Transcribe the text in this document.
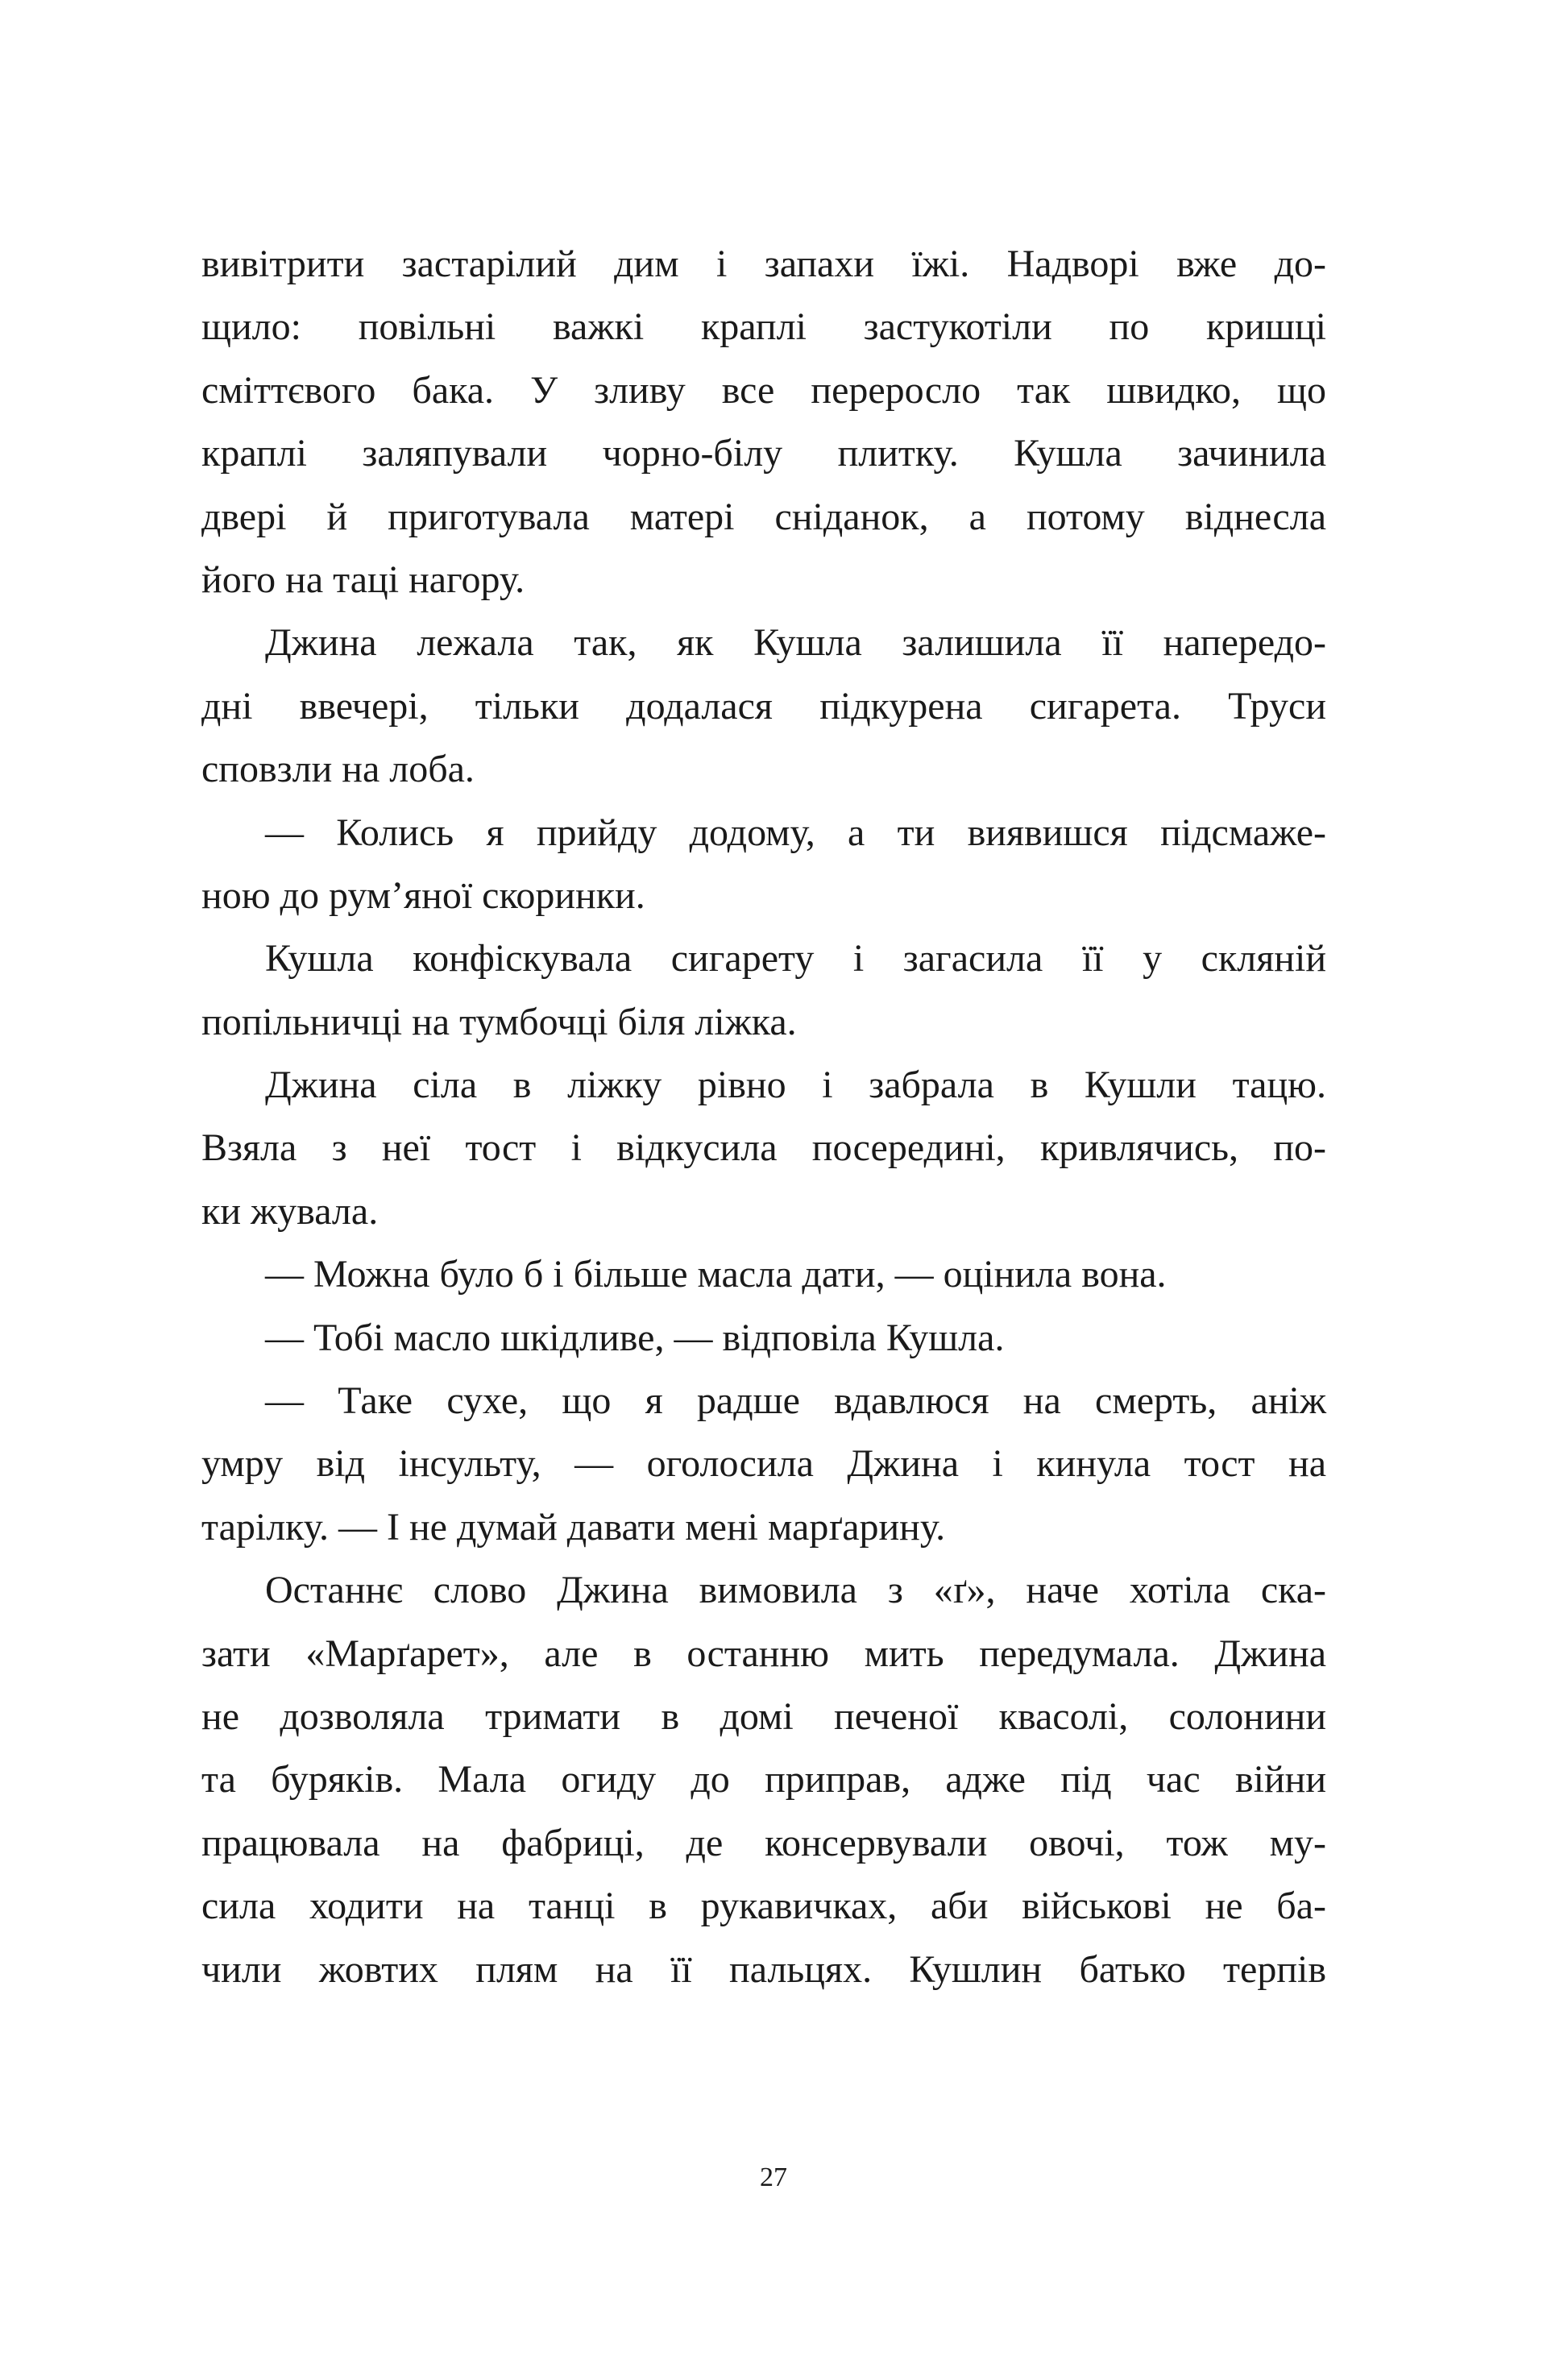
вивітрити застарілий дим і запахи їжі. Надворі вже до-
щило: повільні важкі краплі застукотіли по кришці
сміттєвого бака. У зливу все переросло так швидко, що
краплі заляпували чорно-білу плитку. Кушла зачинила
двері й приготувала матері сніданок, а потому віднесла
його на таці нагору.
Джина лежала так, як Кушла залишила її напередо-
дні ввечері, тільки додалася підкурена сигарета. Труси
сповзли на лоба.
— Колись я прийду додому, а ти виявишся підсмаже-
ною до рум’яної скоринки.
Кушла конфіскувала сигарету і загасила її у скляній
попільничці на тумбочці біля ліжка.
Джина сіла в ліжку рівно і забрала в Кушли тацю.
Взяла з неї тост і відкусила посередині, кривлячись, по-
ки жувала.
— Можна було б і більше масла дати, — оцінила вона.
— Тобі масло шкідливе, — відповіла Кушла.
— Таке сухе, що я радше вдавлюся на смерть, аніж
умру від інсульту, — оголосила Джина і кинула тост на
тарілку. — І не думай давати мені марґарину.
Останнє слово Джина вимовила з «ґ», наче хотіла ска-
зати «Марґарет», але в останню мить передумала. Джина
не дозволяла тримати в домі печеної квасолі, солонини
та буряків. Мала огиду до приправ, адже під час війни
працювала на фабриці, де консервували овочі, тож му-
сила ходити на танці в рукавичках, аби військові не ба-
чили жовтих плям на її пальцях. Кушлин батько терпів
27
